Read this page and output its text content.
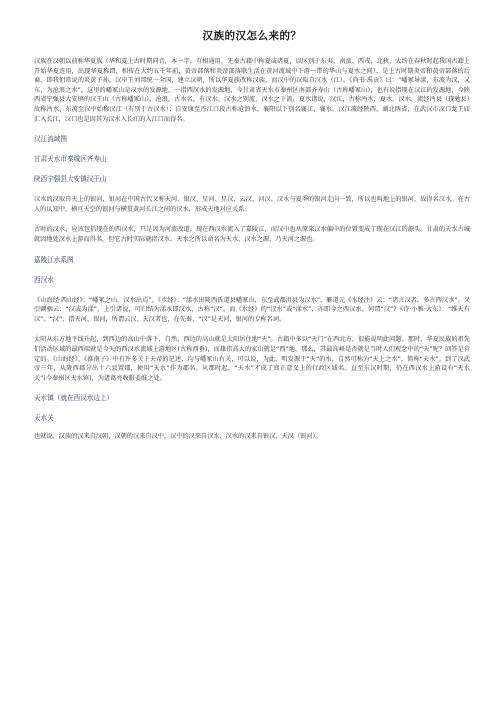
汉族的汉怎么来的？

汉族在汉朝以前称华夏族（华和夏上古时期同音，本一字，互相通用，先秦古籍中称夏或诸夏，以区别于东夷、南蛮、西戎、北狄，大约在春秋时起我国古籍上开始华夏连用，出现华夏称谓，相传在大约五千年前，黄帝部落和炎帝部落联生活在黄河流域中下游一带的华山与夏水之间），是上古时期炎帝和黄帝部落的后裔，即我们常说的炎黄子孙。汉中王刘邦统一全国，建立汉朝，所以华夏族改称汉族，而汉中的汉取自汉水（江）。《尚书·禹贡》曰：“嶓冢导漾，东流为汉，又东，为沧浪之水”，这里的嶓冢山是汉水的发源地，一指西汉水的发源地，今甘肃省天水市秦州区南部齐寿山（古称嶓冢山），也有说指现在汉江的发源地，今陕西省宁强县大安镇的汉王山（古称嶓冢山），沧浪，古水名，有汉水、汉水之别流、汉水之下流、夏水诸说，汉江，古称沔水，夏水，汉水，流经沔县（现勉县）故称沔水，东流至汉中始称汉江（有别于古汉水）；自安康至丹江口段古称沧浪水，襄阳以下别名襄江，襄水。汉江流经陕西，湖北两省，在武汉市汉口龙王庙汇入长江，汉口也是因其为汉水入长江的入江口而得名。

汉江流域图

甘肃天水市秦城区齐寿山

陕西宁强县大安镇汉王山

汉水的汉取自天上的银河，银河在中国古代又称天河、银汉、星河、星汉、云汉，河汉。汉水与夏季的银河走向一致，所以也叫地上的银河，故得名汉水。在古人的认知中，横亘天空的银河与横贯黄河长江之间的汉水，形成天地对应关系。

古时的汉水，应该包括现在的西汉水，只是因为河流改道，现在西汉水流入了嘉陵江，而汉中也从原来汉水偏中的位置变成了现在汉江的源头。甘肃的天水古城就因地处汉水上游而得名，但它古时实际就指汉水。天水之所以命名为天水，汉水之源，乃天河之源也。

嘉陵江水系图

西汉水

《山海经·西山经》：“嶓冢之山，汉水出焉”。《水经》：“漾水出陇西氐道县嶓冢山，东至武都沮县为汉水”，郦道元《水经注》云：“诸言汉者，多言西汉水”。又引阚骃云：“汉或为漾”，上引诸说，可归结为漾水即汉水，古称“汉”。而《水经》的“汉水”或“漾水”，亦即今之西汉水。何谓“汉”?《诗·小雅·大东》：“维天有汉”。“汉”，指天河、银河，所谓云汉、天汉者也，在先秦，“汉”是天河、银河的专称名词。

太阳从东方地平线升起，到西边的高山中落下，自然，西边的高山就是太阳居住地“天”。古籍中多以“天门”在西北方，很能说明此问题。那时，华夏民族的祖先们活动区域的最西端就是今天的西汉水流域上游地区(古称西垂)，而雄伟高大的家山就是“西”地，那么，其最高峰是否就是当时人们观念中的“天”呢？回答是肯定的。《山海经》、《淮南子》中有许多关于天帝的记述，均与嶓冢山有关，可以说，为此，明发源于“天”的水，自然可称为“天上之水”，简称“天水”。到了汉武帝三年，从陇西郡分出十六县置郡，便用“天水”作为郡名。从那时起，“天水”才成了真正意义上的行政区域名。直至东汉时期，仍在西汉水上游设有“天水关”(今秦州区天水镇)，为诸葛亮收服姜维之处。

天水镇（就在西汉水边上）

天水关

也就说，汉族的汉来自汉朝，汉朝的汉来自汉中，汉中的汉来自汉水，汉水的汉来自银汉，天汉（银河）。
